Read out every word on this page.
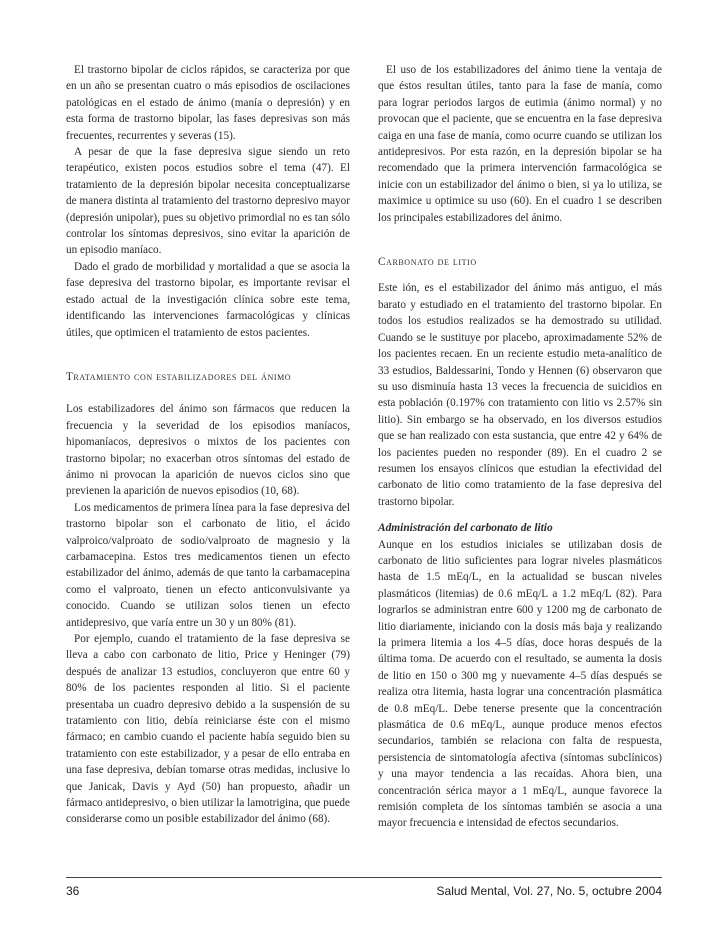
El trastorno bipolar de ciclos rápidos, se caracteriza por que en un año se presentan cuatro o más episodios de oscilaciones patológicas en el estado de ánimo (manía o depresión) y en esta forma de trastorno bipolar, las fases depresivas son más frecuentes, recurrentes y severas (15).

A pesar de que la fase depresiva sigue siendo un reto terapéutico, existen pocos estudios sobre el tema (47). El tratamiento de la depresión bipolar necesita conceptualizarse de manera distinta al tratamiento del trastorno depresivo mayor (depresión unipolar), pues su objetivo primordial no es tan sólo controlar los síntomas depresivos, sino evitar la aparición de un episodio maníaco.

Dado el grado de morbilidad y mortalidad a que se asocia la fase depresiva del trastorno bipolar, es importante revisar el estado actual de la investigación clínica sobre este tema, identificando las intervenciones farmacológicas y clínicas útiles, que optimicen el tratamiento de estos pacientes.

Tratamiento con estabilizadores del ánimo

Los estabilizadores del ánimo son fármacos que reducen la frecuencia y la severidad de los episodios maníacos, hipomaníacos, depresivos o mixtos de los pacientes con trastorno bipolar; no exacerban otros síntomas del estado de ánimo ni provocan la aparición de nuevos ciclos sino que previenen la aparición de nuevos episodios (10, 68).

Los medicamentos de primera línea para la fase depresiva del trastorno bipolar son el carbonato de litio, el ácido valproico/valproato de sodio/valproato de magnesio y la carbamacepina. Estos tres medicamentos tienen un efecto estabilizador del ánimo, además de que tanto la carbamacepina como el valproato, tienen un efecto anticonvulsivante ya conocido. Cuando se utilizan solos tienen un efecto antidepresivo, que varía entre un 30 y un 80% (81).

Por ejemplo, cuando el tratamiento de la fase depresiva se lleva a cabo con carbonato de litio, Price y Heninger (79) después de analizar 13 estudios, concluyeron que entre 60 y 80% de los pacientes responden al litio. Si el paciente presentaba un cuadro depresivo debido a la suspensión de su tratamiento con litio, debía reiniciarse éste con el mismo fármaco; en cambio cuando el paciente había seguido bien su tratamiento con este estabilizador, y a pesar de ello entraba en una fase depresiva, debían tomarse otras medidas, inclusive lo que Janicak, Davis y Ayd (50) han propuesto, añadir un fármaco antidepresivo, o bien utilizar la lamotrigina, que puede considerarse como un posible estabilizador del ánimo (68).

El uso de los estabilizadores del ánimo tiene la ventaja de que éstos resultan útiles, tanto para la fase de manía, como para lograr periodos largos de eutimia (ánimo normal) y no provocan que el paciente, que se encuentra en la fase depresiva caiga en una fase de manía, como ocurre cuando se utilizan los antidepresivos. Por esta razón, en la depresión bipolar se ha recomendado que la primera intervención farmacológica se inicie con un estabilizador del ánimo o bien, si ya lo utiliza, se maximice u optimice su uso (60). En el cuadro 1 se describen los principales estabilizadores del ánimo.

Carbonato de litio

Este ión, es el estabilizador del ánimo más antiguo, el más barato y estudiado en el tratamiento del trastorno bipolar. En todos los estudios realizados se ha demostrado su utilidad. Cuando se le sustituye por placebo, aproximadamente 52% de los pacientes recaen. En un reciente estudio meta-analítico de 33 estudios, Baldessarini, Tondo y Hennen (6) observaron que su uso disminuía hasta 13 veces la frecuencia de suicidios en esta población (0.197% con tratamiento con litio vs 2.57% sin litio). Sin embargo se ha observado, en los diversos estudios que se han realizado con esta sustancia, que entre 42 y 64% de los pacientes pueden no responder (89). En el cuadro 2 se resumen los ensayos clínicos que estudian la efectividad del carbonato de litio como tratamiento de la fase depresiva del trastorno bipolar.

Administración del carbonato de litio

Aunque en los estudios iniciales se utilizaban dosis de carbonato de litio suficientes para lograr niveles plasmáticos hasta de 1.5 mEq/L, en la actualidad se buscan niveles plasmáticos (litemias) de 0.6 mEq/L a 1.2 mEq/L (82). Para lograrlos se administran entre 600 y 1200 mg de carbonato de litio diariamente, iniciando con la dosis más baja y realizando la primera litemia a los 4–5 días, doce horas después de la última toma. De acuerdo con el resultado, se aumenta la dosis de litio en 150 o 300 mg y nuevamente 4–5 días después se realiza otra litemia, hasta lograr una concentración plasmática de 0.8 mEq/L. Debe tenerse presente que la concentración plasmática de 0.6 mEq/L, aunque produce menos efectos secundarios, también se relaciona con falta de respuesta, persistencia de sintomatología afectiva (síntomas subclínicos) y una mayor tendencia a las recaídas. Ahora bien, una concentración sérica mayor a 1 mEq/L, aunque favorece la remisión completa de los síntomas también se asocia a una mayor frecuencia e intensidad de efectos secundarios.

36	Salud Mental, Vol. 27, No. 5, octubre 2004
